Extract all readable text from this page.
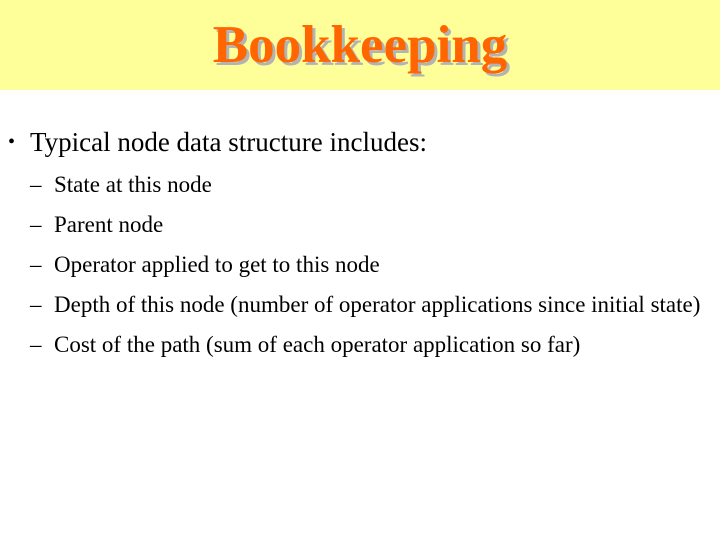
Bookkeeping
• Typical node data structure includes:
– State at this node
– Parent node
– Operator applied to get to this node
– Depth of this node (number of operator applications since initial state)
– Cost of the path (sum of each operator application so far)
